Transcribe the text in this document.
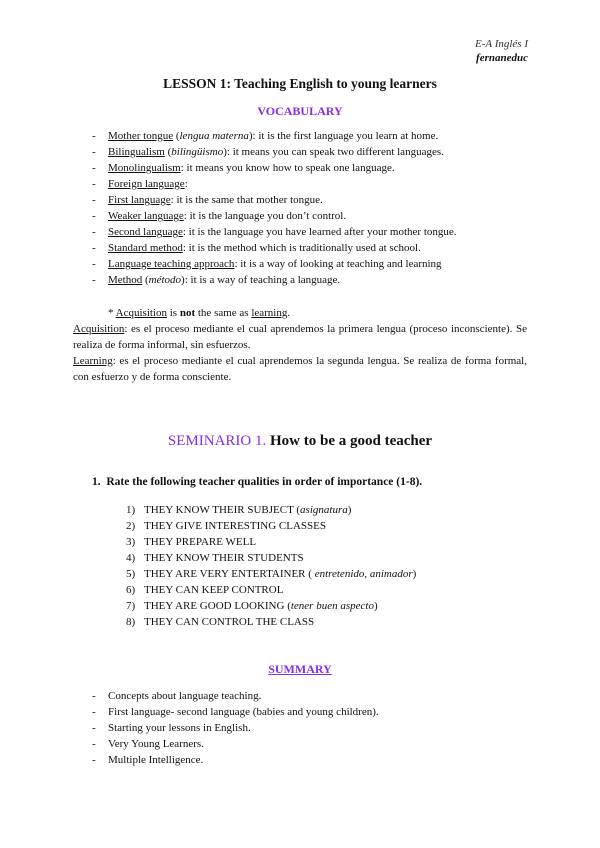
E-A Inglés I
fernaneduc
LESSON 1: Teaching English to young learners
VOCABULARY
- Mother tongue (lengua materna): it is the first language you learn at home.
- Bilingualism (bilingüismo): it means you can speak two different languages.
- Monolingualism: it means you know how to speak one language.
- Foreign language:
- First language: it is the same that mother tongue.
- Weaker language: it is the language you don’t control.
- Second language: it is the language you have learned after your mother tongue.
- Standard method: it is the method which is traditionally used at school.
- Language teaching approach: it is a way of looking at teaching and learning
- Method (método): it is a way of teaching a language.
* Acquisition is not the same as learning.
Acquisition: es el proceso mediante el cual aprendemos la primera lengua (proceso inconsciente). Se realiza de forma informal, sin esfuerzos.
Learning: es el proceso mediante el cual aprendemos la segunda lengua. Se realiza de forma formal, con esfuerzo y de forma consciente.
SEMINARIO 1. How to be a good teacher
1. Rate the following teacher qualities in order of importance (1-8).
1) THEY KNOW THEIR SUBJECT (asignatura)
2) THEY GIVE INTERESTING CLASSES
3) THEY PREPARE WELL
4) THEY KNOW THEIR STUDENTS
5) THEY ARE VERY ENTERTAINER ( entretenido, animador)
6) THEY CAN KEEP CONTROL
7) THEY ARE GOOD LOOKING (tener buen aspecto)
8) THEY CAN CONTROL THE CLASS
SUMMARY
- Concepts about language teaching.
- First language- second language (babies and young children).
- Starting your lessons in English.
- Very Young Learners.
- Multiple Intelligence.
